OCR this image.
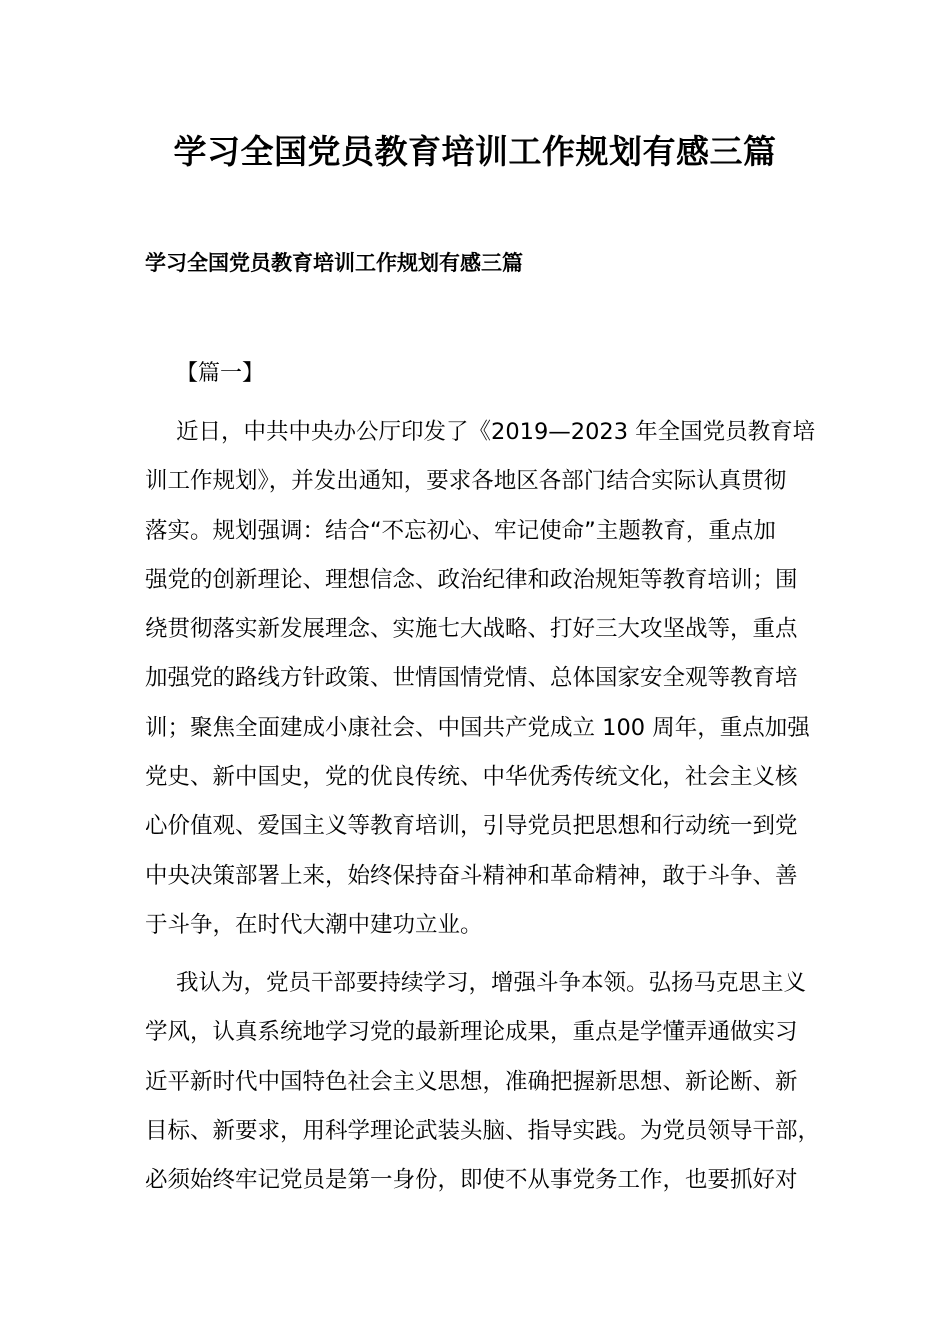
学习全国党员教育培训工作规划有感三篇
学习全国党员教育培训工作规划有感三篇
【篇一】
近日，中共中央办公厅印发了《2019—2023 年全国党员教育培
训工作规划》，并发出通知，要求各地区各部门结合实际认真贯彻
落实。规划强调：结合“不忘初心、牢记使命”主题教育，重点加
强党的创新理论、理想信念、政治纪律和政治规矩等教育培训；围
绕贯彻落实新发展理念、实施七大战略、打好三大攻坚战等，重点
加强党的路线方针政策、世情国情党情、总体国家安全观等教育培
训；聚焦全面建成小康社会、中国共产党成立 100 周年，重点加强
党史、新中国史，党的优良传统、中华优秀传统文化，社会主义核
心价值观、爱国主义等教育培训，引导党员把思想和行动统一到党
中央决策部署上来，始终保持奋斗精神和革命精神，敢于斗争、善
于斗争，在时代大潮中建功立业。
我认为，党员干部要持续学习，增强斗争本领。弘扬马克思主义
学风，认真系统地学习党的最新理论成果，重点是学懂弄通做实习
近平新时代中国特色社会主义思想，准确把握新思想、新论断、新
目标、新要求，用科学理论武装头脑、指导实践。为党员领导干部，
必须始终牢记党员是第一身份，即使不从事党务工作，也要抓好对
